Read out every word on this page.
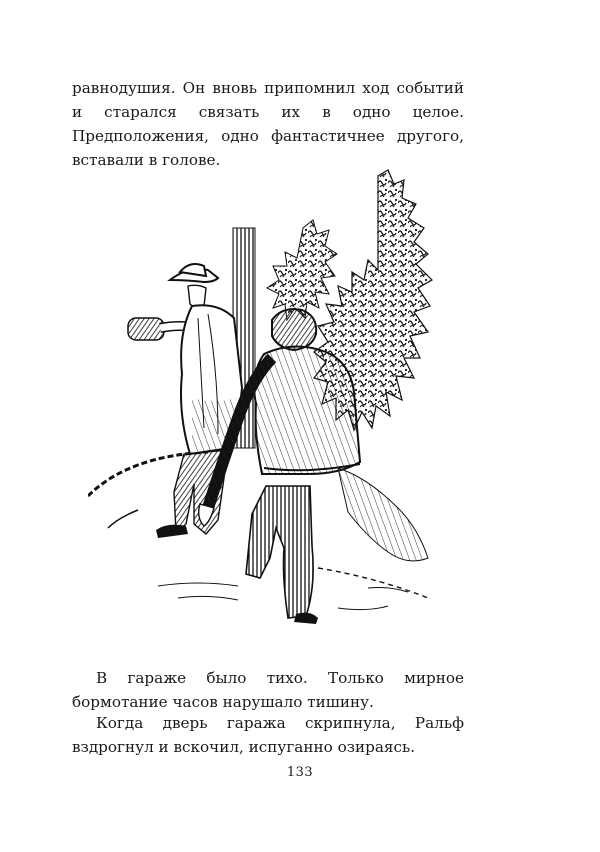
равнодушия. Он вновь припомнил ход событий и старался связать их в одно целое. Предположения, одно фантастичнее другого, вставали в голове.

В гараже было тихо. Только мирное бормотание часов нарушало тишину.

Когда дверь гаража скрипнула, Ральф вздрогнул и вскочил, испуганно озираясь.

133
